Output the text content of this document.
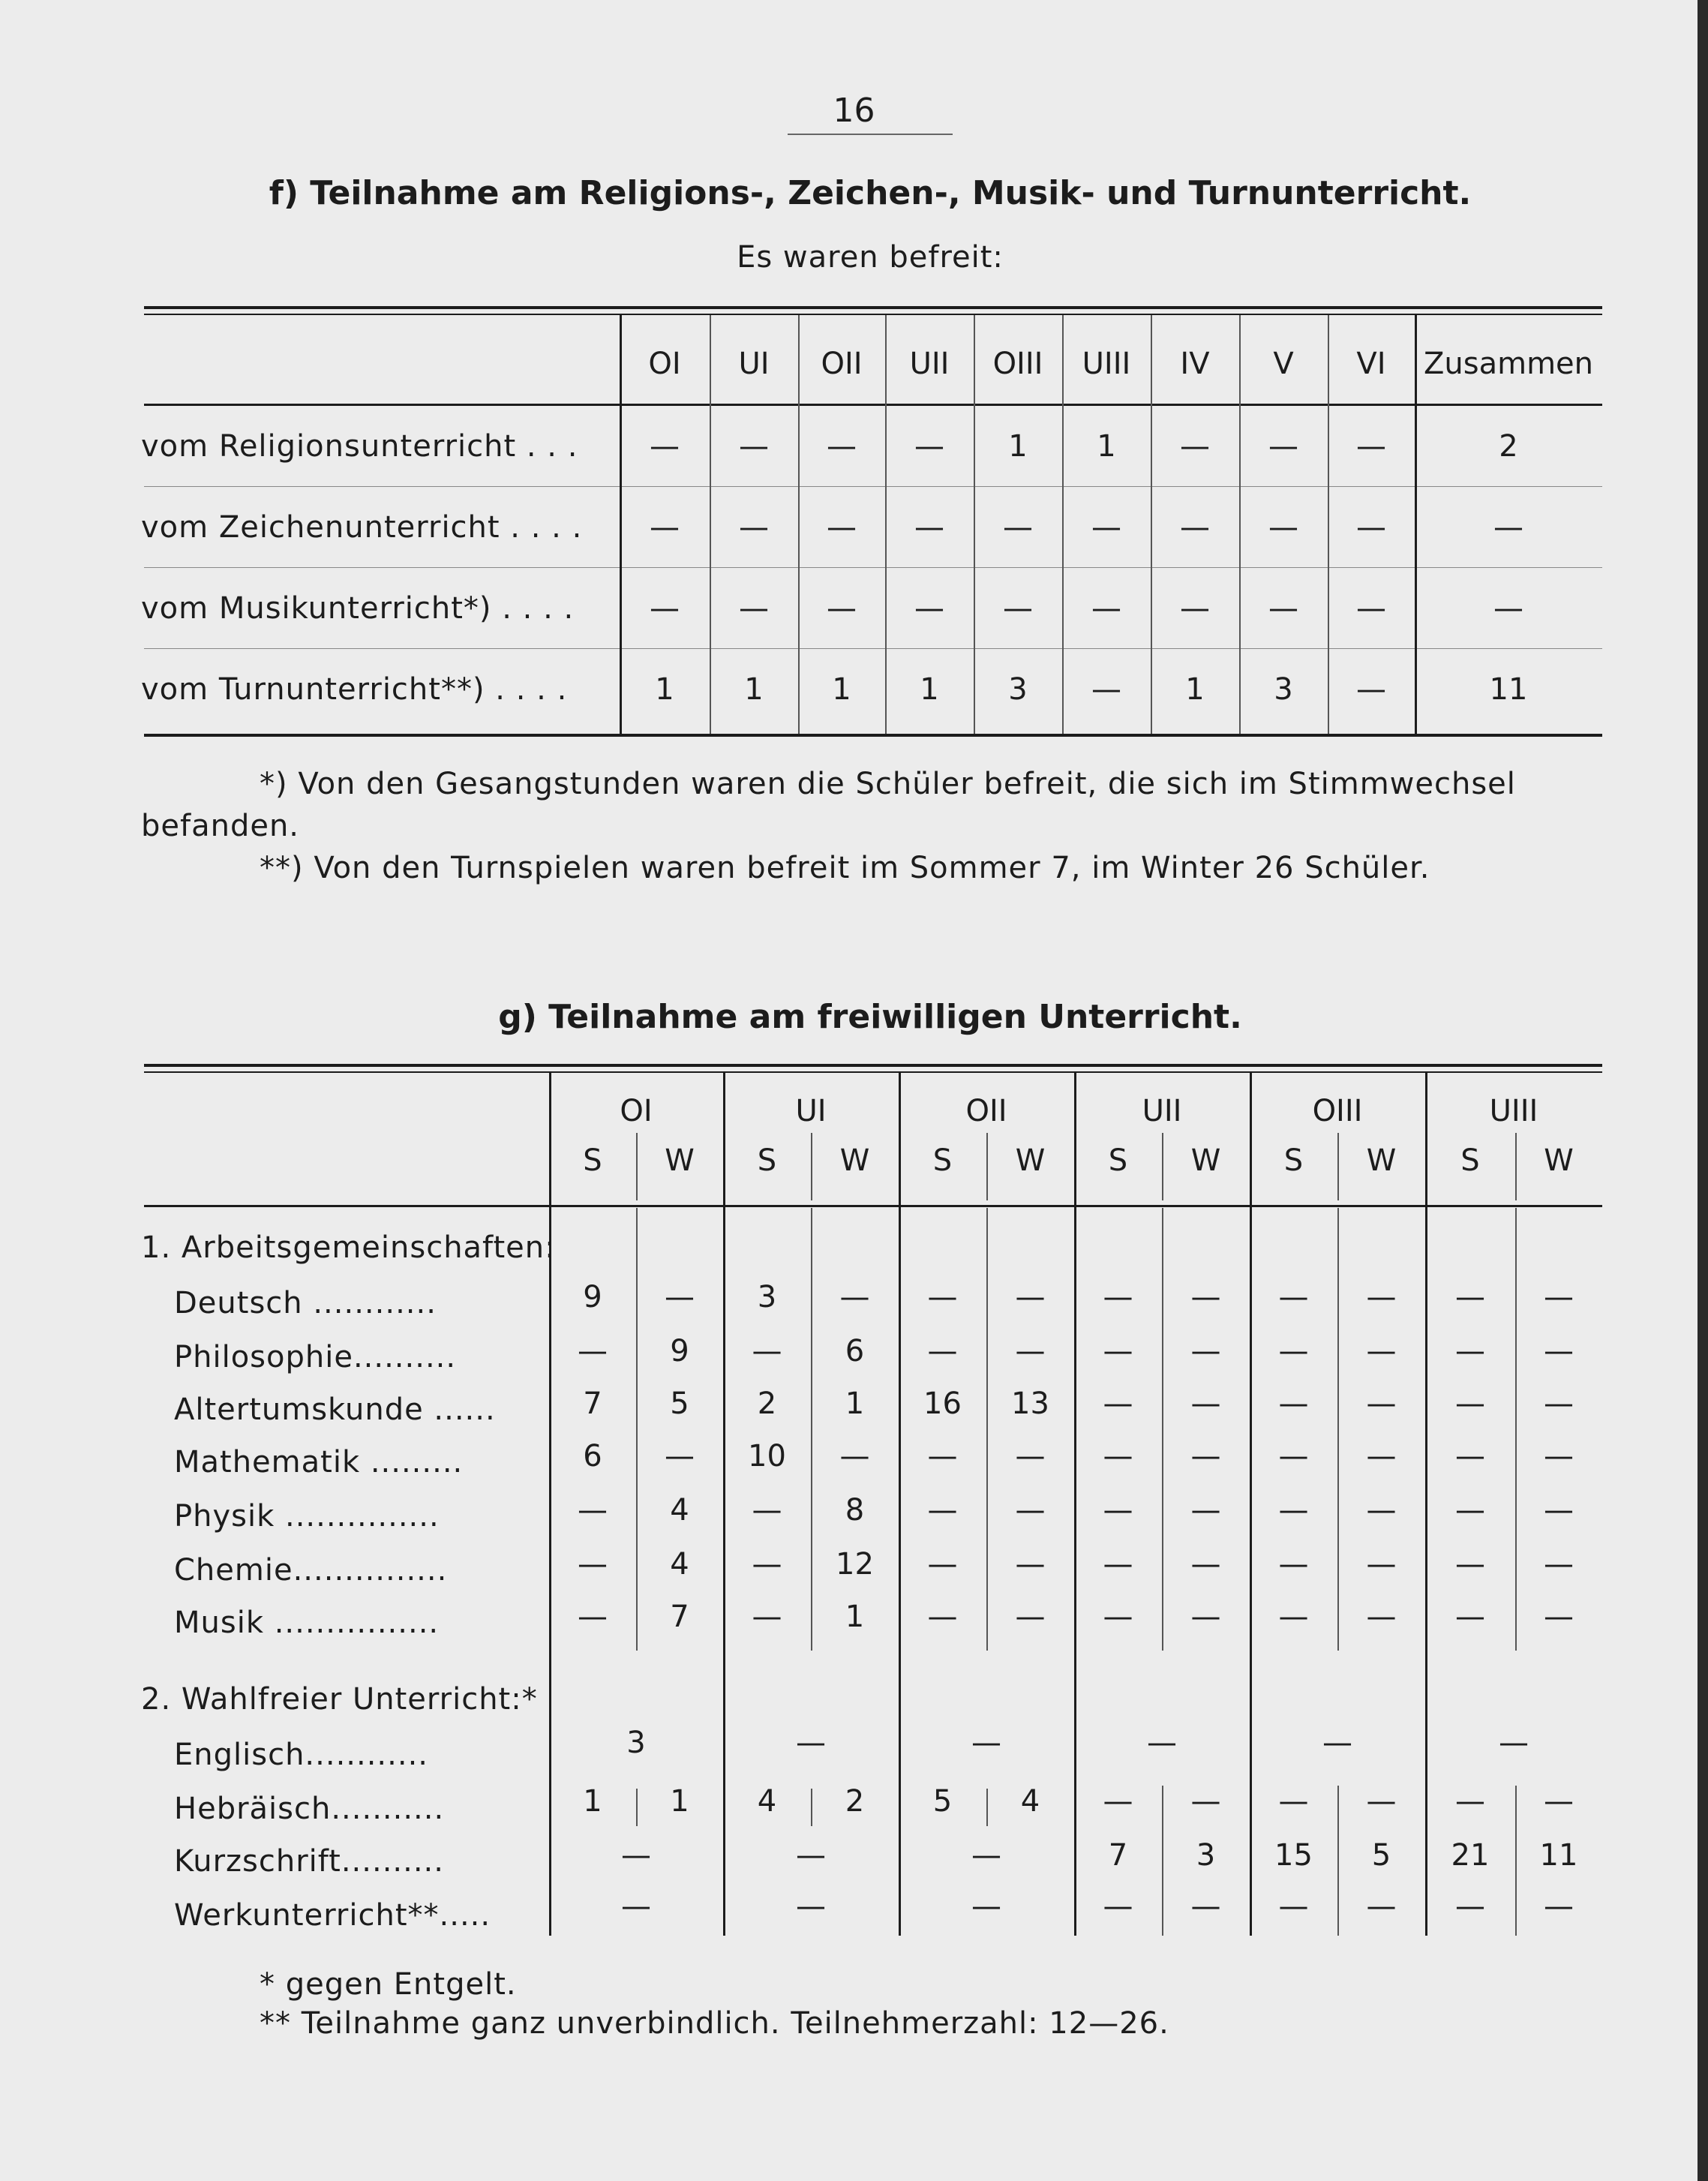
16
f) Teilnahme am Religions-, Zeichen-, Musik- und Turnunterricht.
Es waren befreit:
OI	UI	OII	UII	OIII	UIII	IV	V	VI	Zusammen
vom Religionsunterricht . . .	—	—	—	—	1	1	—	—	—	2
vom Zeichenunterricht . . . .	—	—	—	—	—	—	—	—	—	—
vom Musikunterricht*) . . . .	—	—	—	—	—	—	—	—	—	—
vom Turnunterricht**) . . . .	1	1	1	1	3	—	1	3	—	11
*) Von den Gesangstunden waren die Schüler befreit, die sich im Stimmwechsel
befanden.
**) Von den Turnspielen waren befreit im Sommer 7, im Winter 26 Schüler.
g) Teilnahme am freiwilligen Unterricht.
OI	UI	OII	UII	OIII	UIII
S	W	S	W	S	W	S	W	S	W	S	W
1. Arbeitsgemeinschaften:
Deutsch ............	9	—	3	—	—	—	—	—	—	—	—	—
Philosophie..........	—	9	—	6	—	—	—	—	—	—	—	—
Altertumskunde ......	7	5	2	1	16	13	—	—	—	—	—	—
Mathematik .........	6	—	10	—	—	—	—	—	—	—	—	—
Physik ...............	—	4	—	8	—	—	—	—	—	—	—	—
Chemie...............	—	4	—	12	—	—	—	—	—	—	—	—
Musik ................	—	7	—	1	—	—	—	—	—	—	—	—
2. Wahlfreier Unterricht:*
Englisch............	3	—	—	—	—	—
Hebräisch...........	1	1	4	2	5	4	—	—	—	—	—	—
Kurzschrift..........	—	—	—	7	3	15	5	21	11
Werkunterricht**.....	—	—	—	—	—	—	—	—	—
* gegen Entgelt.
** Teilnahme ganz unverbindlich. Teilnehmerzahl: 12—26.
